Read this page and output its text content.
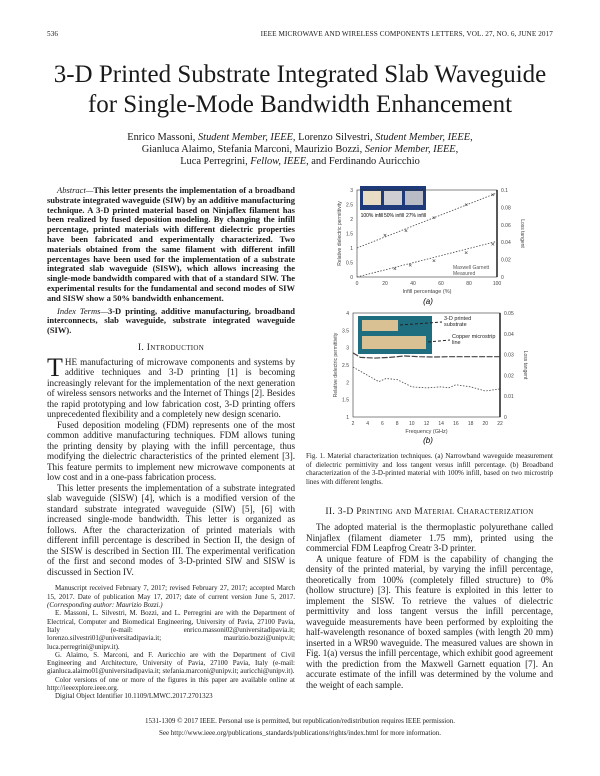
536	IEEE MICROWAVE AND WIRELESS COMPONENTS LETTERS, VOL. 27, NO. 6, JUNE 2017
3-D Printed Substrate Integrated Slab Waveguide
for Single-Mode Bandwidth Enhancement
Enrico Massoni, Student Member, IEEE, Lorenzo Silvestri, Student Member, IEEE,
Gianluca Alaimo, Stefania Marconi, Maurizio Bozzi, Senior Member, IEEE,
Luca Perregrini, Fellow, IEEE, and Ferdinando Auricchio
Abstract—This letter presents the implementation of a broadband substrate integrated waveguide (SIW) by an additive manufacturing technique. A 3-D printed material based on Ninjaflex filament has been realized by fused deposition modeling. By changing the infill percentage, printed materials with different dielectric properties have been fabricated and experimentally characterized. Two materials obtained from the same filament with different infill percentages have been used for the implementation of a substrate integrated slab waveguide (SISW), which allows increasing the single-mode bandwidth compared with that of a standard SIW. The experimental results for the fundamental and second modes of SIW and SISW show a 50% bandwidth enhancement.
Index Terms—3-D printing, additive manufacturing, broadband interconnects, slab waveguide, substrate integrated waveguide (SIW).
I. Introduction

THE manufacturing of microwave components and systems by additive techniques and 3-D printing [1] is becoming increasingly relevant for the implementation of the next generation of wireless sensors networks and the Internet of Things [2]. Besides the rapid prototyping and low fabrication cost, 3-D printing offers unprecedented flexibility and a completely new design scenario.

Fused deposition modeling (FDM) represents one of the most common additive manufacturing techniques. FDM allows tuning the printing density by playing with the infill percentage, thus modifying the dielectric characteristics of the printed element [3]. This feature permits to implement new microwave components at low cost and in a one-pass fabrication process.

This letter presents the implementation of a substrate integrated slab waveguide (SISW) [4], which is a modified version of the standard substrate integrated waveguide (SIW) [5], [6] with increased single-mode bandwidth. This letter is organized as follows. After the characterization of printed materials with different infill percentage is described in Section II, the design of the SISW is described in Section III. The experimental verification of the first and second modes of 3-D-printed SIW and SISW is discussed in Section IV.

Manuscript received February 7, 2017; revised February 27, 2017; accepted March 15, 2017. Date of publication May 17, 2017; date of current version June 5, 2017. (Corresponding author: Maurizio Bozzi.)

E. Massoni, L. Silvestri, M. Bozzi, and L. Perregrini are with the Department of Electrical, Computer and Biomedical Engineering, University of Pavia, 27100 Pavia, Italy (e-mail: enrico.massoni02@universitadipavia.it; lorenzo.silvestri01@universitadipavia.it; maurizio.bozzi@unipv.it; luca.perregrini@unipv.it).

G. Alaimo, S. Marconi, and F. Auricchio are with the Department of Civil Engineering and Architecture, University of Pavia, 27100 Pavia, Italy (e-mail: gianluca.alaimo01@universitadipavia.it; stefania.marconi@unipv.it; auricchi@unipv.it).

Color versions of one or more of the figures in this paper are available online at http://ieeexplore.ieee.org.

Digital Object Identifier 10.1109/LMWC.2017.2701323

100% infill 50% infill 27% infill
3-D printed substrate
Copper microstrip line
0	20	40	60	80	100
0
0.5
1
1.5
2
2.5
3
0
0.02
0.04
0.06
0.08
0.1
Infill percentage (%)
Relative dielectric permittivity	Loss tangent
✕
✕
✕
✕
✕
✕
✕
✕
✕
✕
Maxwell Garnett
Measured
2 4 6 8 10 12 14 16 18 20 22
1
1.5
2
2.5
3
3.5
4
0
0.01
0.02
0.03
0.04
0.05
Frequency (GHz)
Relative dielectric permittivity	Loss tangent
(a)
(b)
Fig. 1. Material characterization techniques. (a) Narrowband waveguide measurement of dielectric permittivity and loss tangent versus infill percentage. (b) Broadband characterization of the 3-D-printed material with 100% infill, based on two microstrip lines with different lengths.
II. 3-D Printing and Material Characterization

The adopted material is the thermoplastic polyurethane called Ninjaflex (filament diameter 1.75 mm), printed using the commercial FDM Leapfrog Creatr 3-D printer.

A unique feature of FDM is the capability of changing the density of the printed material, by varying the infill percentage, theoretically from 100% (completely filled structure) to 0% (hollow structure) [3]. This feature is exploited in this letter to implement the SISW. To retrieve the values of dielectric permittivity and loss tangent versus the infill percentage, waveguide measurements have been performed by exploiting the half-wavelength resonance of boxed samples (with length 20 mm) inserted in a WR90 waveguide. The measured values are shown in Fig. 1(a) versus the infill percentage, which exhibit good agreement with the prediction from the Maxwell Garnett equation [7]. An accurate estimate of the infill was determined by the volume and the weight of each sample.

1531-1309 © 2017 IEEE. Personal use is permitted, but republication/redistribution requires IEEE permission.
See http://www.ieee.org/publications_standards/publications/rights/index.html for more information.
